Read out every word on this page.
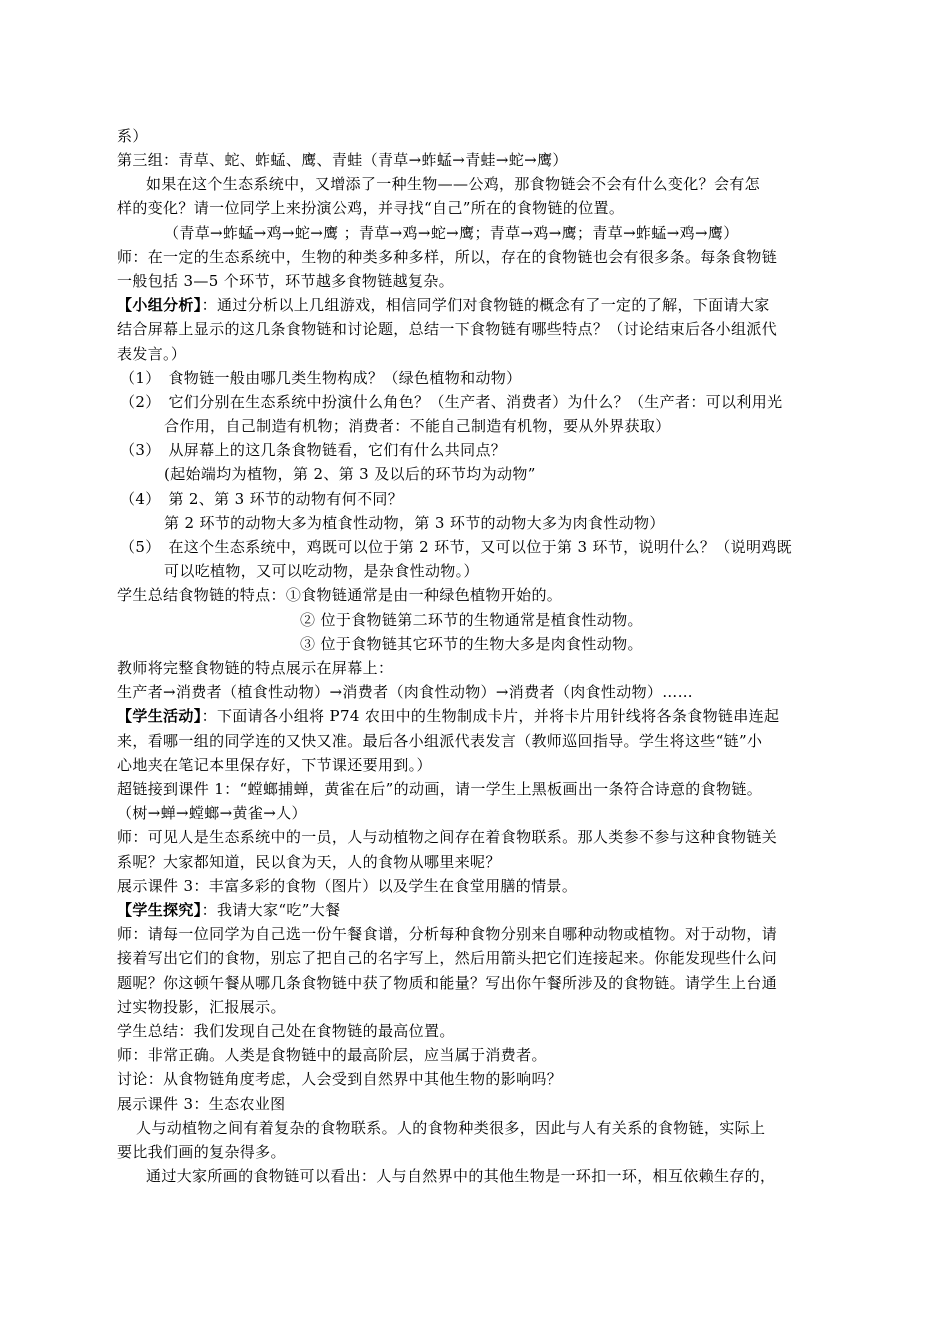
系）
第三组：青草、蛇、蚱蜢、鹰、青蛙（青草→蚱蜢→青蛙→蛇→鹰）
如果在这个生态系统中，又增添了一种生物——公鸡，那食物链会不会有什么变化？会有怎
样的变化？请一位同学上来扮演公鸡，并寻找“自己”所在的食物链的位置。
（青草→蚱蜢→鸡→蛇→鹰 ；青草→鸡→蛇→鹰；青草→鸡→鹰；青草→蚱蜢→鸡→鹰）
师：在一定的生态系统中，生物的种类多种多样，所以，存在的食物链也会有很多条。每条食物链
一般包括 3—5 个环节，环节越多食物链越复杂。
【小组分析】：通过分析以上几组游戏，相信同学们对食物链的概念有了一定的了解，下面请大家
结合屏幕上显示的这几条食物链和讨论题，总结一下食物链有哪些特点？（讨论结束后各小组派代
表发言。）
（1）　食物链一般由哪几类生物构成？（绿色植物和动物）
（2）　它们分别在生态系统中扮演什么角色？（生产者、消费者）为什么？（生产者：可以利用光
合作用，自己制造有机物；消费者：不能自己制造有机物，要从外界获取）
（3）　从屏幕上的这几条食物链看，它们有什么共同点？
(起始端均为植物，第 2、第 3 及以后的环节均为动物”
（4）　第 2、第 3 环节的动物有何不同？
第 2 环节的动物大多为植食性动物，第 3 环节的动物大多为肉食性动物）
（5）　在这个生态系统中，鸡既可以位于第 2 环节，又可以位于第 3 环节，说明什么？（说明鸡既
可以吃植物，又可以吃动物，是杂食性动物。）
学生总结食物链的特点：①食物链通常是由一种绿色植物开始的。
② 位于食物链第二环节的生物通常是植食性动物。
③ 位于食物链其它环节的生物大多是肉食性动物。
教师将完整食物链的特点展示在屏幕上：
生产者→消费者（植食性动物）→消费者（肉食性动物）→消费者（肉食性动物）……
【学生活动】：下面请各小组将 P74 农田中的生物制成卡片，并将卡片用针线将各条食物链串连起
来，看哪一组的同学连的又快又准。最后各小组派代表发言（教师巡回指导。学生将这些“链”小
心地夹在笔记本里保存好，下节课还要用到。）
超链接到课件 1：“螳螂捕蝉，黄雀在后”的动画，请一学生上黑板画出一条符合诗意的食物链。
（树→蝉→螳螂→黄雀→人）
师：可见人是生态系统中的一员，人与动植物之间存在着食物联系。那人类参不参与这种食物链关
系呢？大家都知道，民以食为天，人的食物从哪里来呢？
展示课件 3：丰富多彩的食物（图片）以及学生在食堂用膳的情景。
【学生探究】：我请大家“吃”大餐
师：请每一位同学为自己选一份午餐食谱，分析每种食物分别来自哪种动物或植物。对于动物，请
接着写出它们的食物，别忘了把自己的名字写上，然后用箭头把它们连接起来。你能发现些什么问
题呢？你这顿午餐从哪几条食物链中获了物质和能量？写出你午餐所涉及的食物链。请学生上台通
过实物投影，汇报展示。
学生总结：我们发现自己处在食物链的最高位置。
师：非常正确。人类是食物链中的最高阶层，应当属于消费者。
讨论：从食物链角度考虑，人会受到自然界中其他生物的影响吗？
展示课件 3：生态农业图
人与动植物之间有着复杂的食物联系。人的食物种类很多，因此与人有关系的食物链，实际上
要比我们画的复杂得多。
通过大家所画的食物链可以看出：人与自然界中的其他生物是一环扣一环，相互依赖生存的，
